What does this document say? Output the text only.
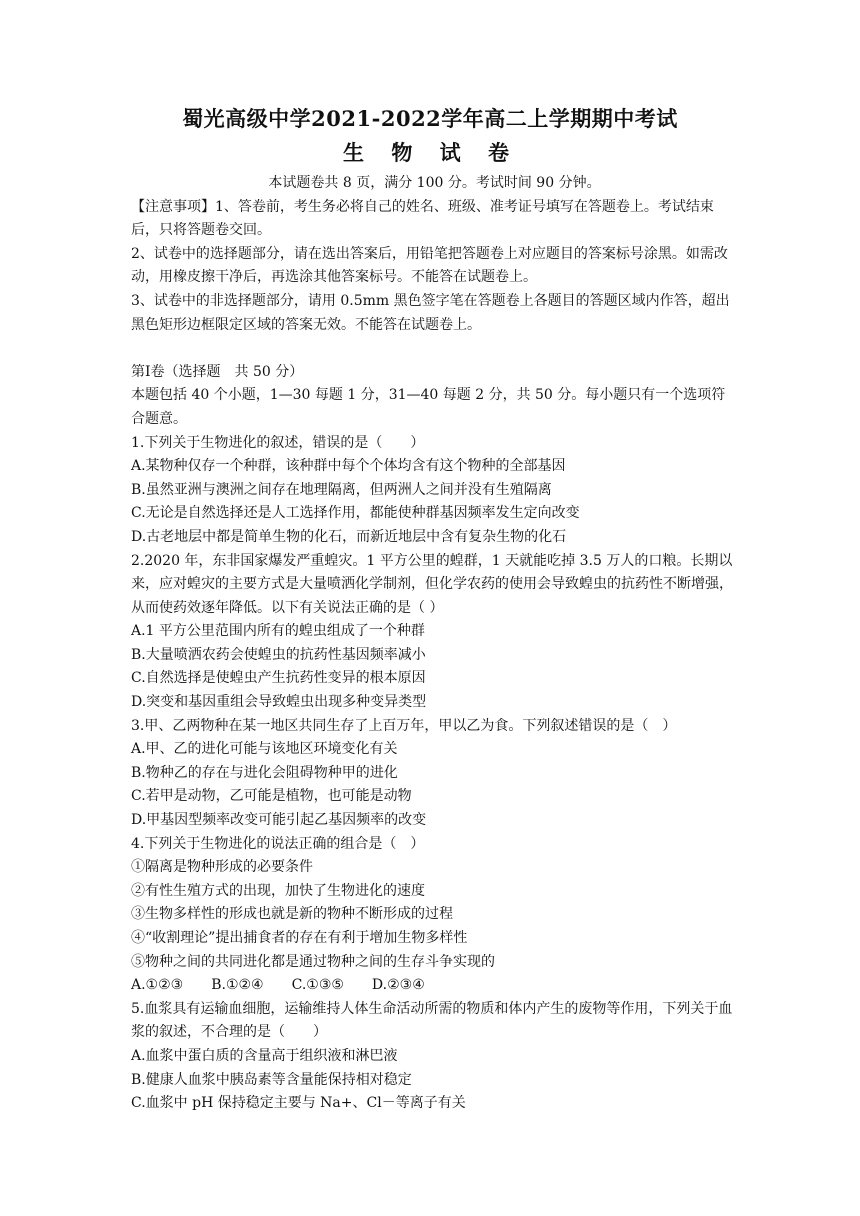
蜀光高级中学2021-2022学年高二上学期期中考试
生 物 试 卷

本试题卷共 8 页，满分 100 分。考试时间 90 分钟。

【注意事项】1、答卷前，考生务必将自己的姓名、班级、准考证号填写在答题卷上。考试结束后，只将答题卷交回。

2、试卷中的选择题部分，请在选出答案后，用铅笔把答题卷上对应题目的答案标号涂黑。如需改动，用橡皮擦干净后，再选涂其他答案标号。不能答在试题卷上。

3、试卷中的非选择题部分，请用 0.5mm 黑色签字笔在答题卷上各题目的答题区域内作答，超出黑色矩形边框限定区域的答案无效。不能答在试题卷上。

第Ⅰ卷（选择题　共 50 分）

本题包括 40 个小题，1—30 每题 1 分，31—40 每题 2 分，共 50 分。每小题只有一个选项符合题意。

1.下列关于生物进化的叙述，错误的是（　　）

A.某物种仅存一个种群，该种群中每个个体均含有这个物种的全部基因

B.虽然亚洲与澳洲之间存在地理隔离，但两洲人之间并没有生殖隔离

C.无论是自然选择还是人工选择作用，都能使种群基因频率发生定向改变

D.古老地层中都是简单生物的化石，而新近地层中含有复杂生物的化石

2.2020 年，东非国家爆发严重蝗灾。1 平方公里的蝗群，1 天就能吃掉 3.5 万人的口粮。长期以来，应对蝗灾的主要方式是大量喷洒化学制剂，但化学农药的使用会导致蝗虫的抗药性不断增强，从而使药效逐年降低。以下有关说法正确的是（ ）

A.1 平方公里范围内所有的蝗虫组成了一个种群

B.大量喷洒农药会使蝗虫的抗药性基因频率减小

C.自然选择是使蝗虫产生抗药性变异的根本原因

D.突变和基因重组会导致蝗虫出现多种变异类型

3.甲、乙两物种在某一地区共同生存了上百万年，甲以乙为食。下列叙述错误的是（　）

A.甲、乙的进化可能与该地区环境变化有关

B.物种乙的存在与进化会阻碍物种甲的进化

C.若甲是动物，乙可能是植物，也可能是动物

D.甲基因型频率改变可能引起乙基因频率的改变

4.下列关于生物进化的说法正确的组合是（　）

①隔离是物种形成的必要条件

②有性生殖方式的出现，加快了生物进化的速度

③生物多样性的形成也就是新的物种不断形成的过程

④“收割理论”提出捕食者的存在有利于增加生物多样性

⑤物种之间的共同进化都是通过物种之间的生存斗争实现的

A.①②③　　B.①②④　　C.①③⑤　　D.②③④

5.血浆具有运输血细胞，运输维持人体生命活动所需的物质和体内产生的废物等作用，下列关于血浆的叙述，不合理的是（　　）

A.血浆中蛋白质的含量高于组织液和淋巴液

B.健康人血浆中胰岛素等含量能保持相对稳定

C.血浆中 pH 保持稳定主要与 Na+、Cl－等离子有关
